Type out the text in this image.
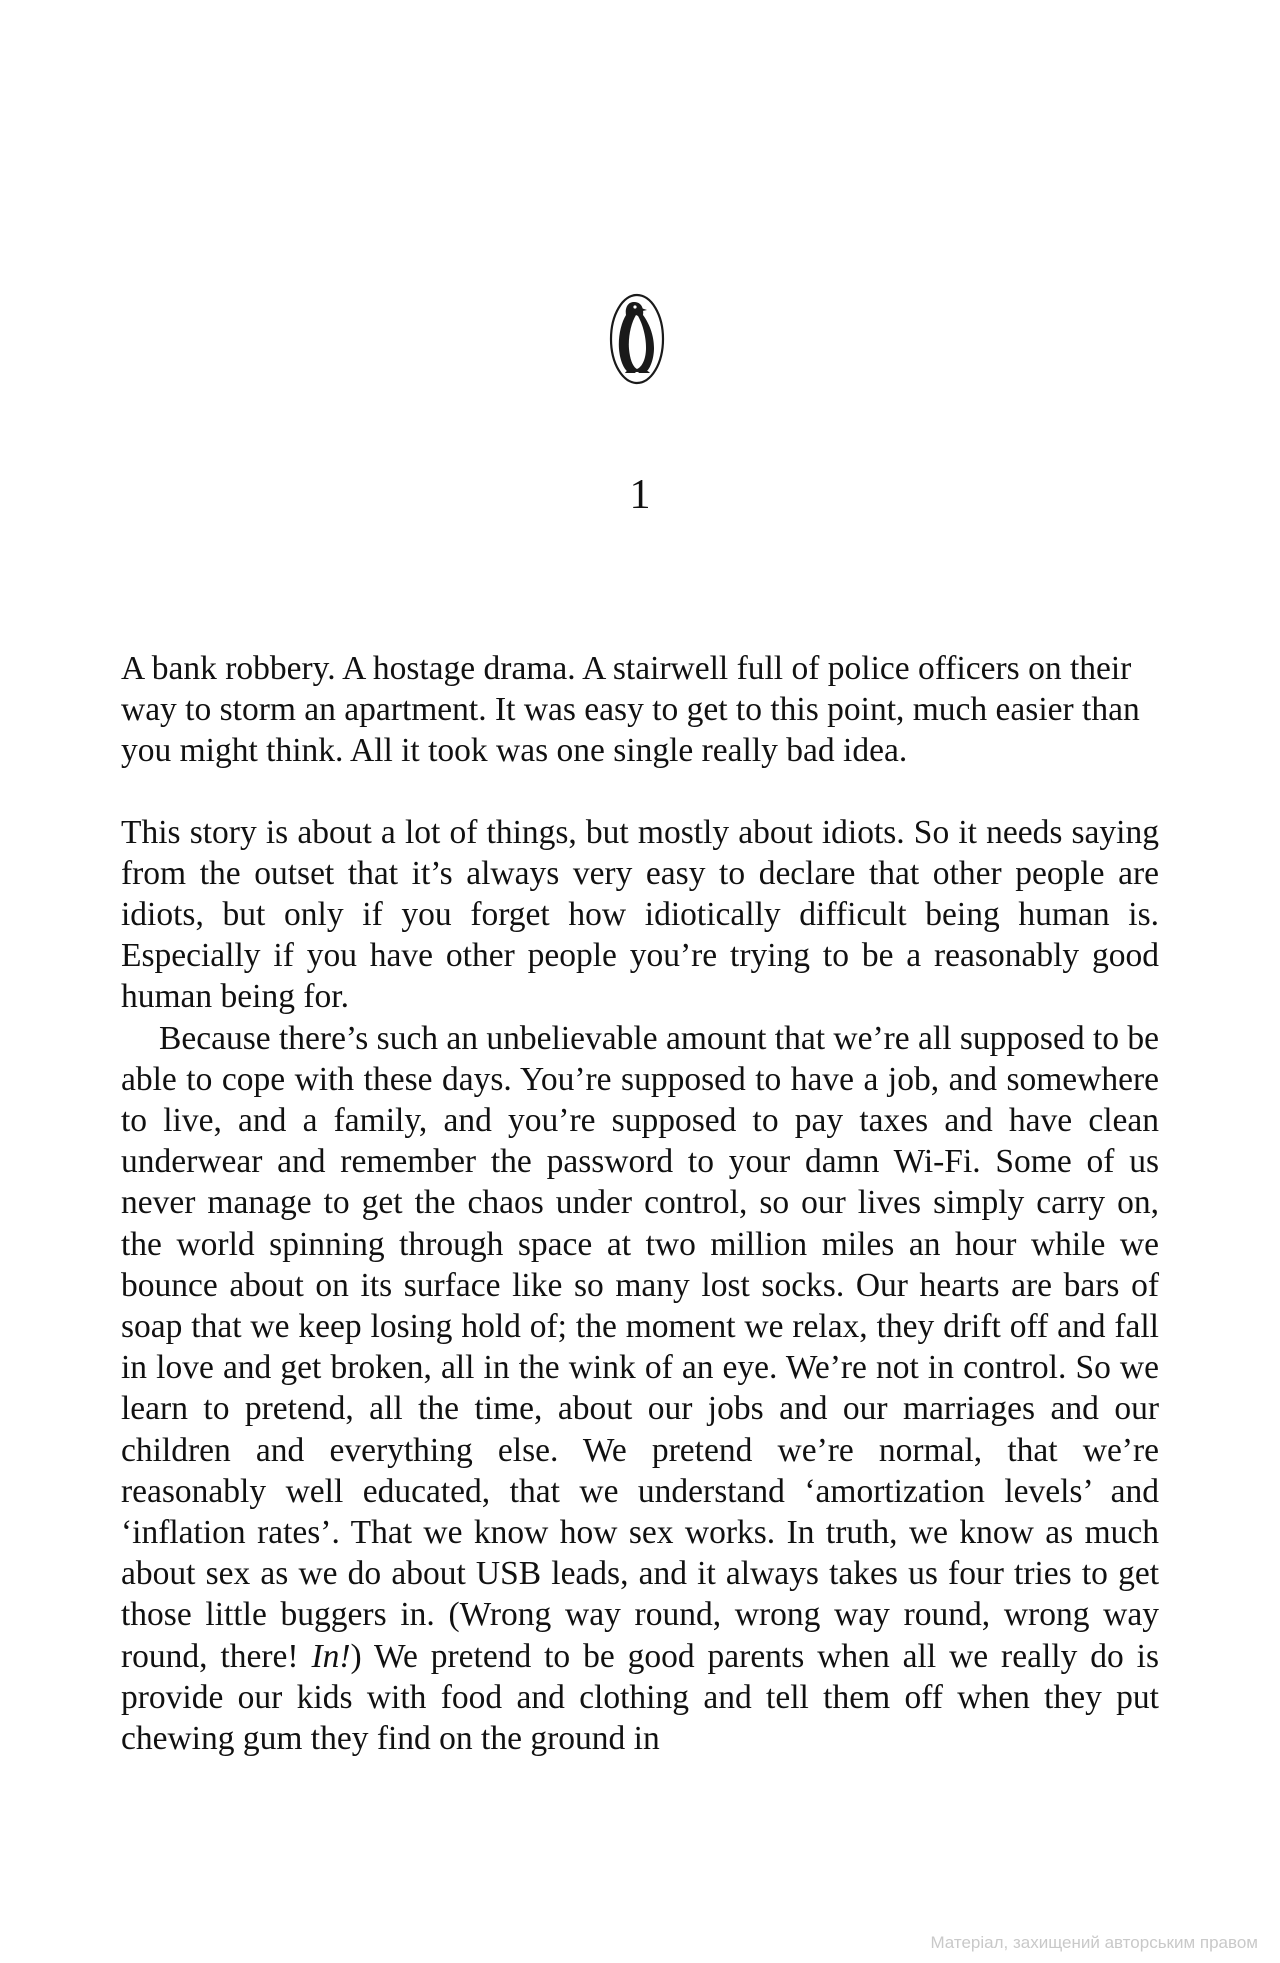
1

A bank robbery. A hostage drama. A stairwell full of police officers on their way to storm an apartment. It was easy to get to this point, much easier than you might think. All it took was one single really bad idea.

This story is about a lot of things, but mostly about idiots. So it needs saying from the outset that it’s always very easy to declare that other people are idiots, but only if you forget how idiotically difficult being human is. Especially if you have other people you’re trying to be a reasonably good human being for.

Because there’s such an unbelievable amount that we’re all supposed to be able to cope with these days. You’re supposed to have a job, and somewhere to live, and a family, and you’re supposed to pay taxes and have clean underwear and remember the password to your damn Wi-Fi. Some of us never manage to get the chaos under control, so our lives simply carry on, the world spinning through space at two million miles an hour while we bounce about on its surface like so many lost socks. Our hearts are bars of soap that we keep losing hold of; the moment we relax, they drift off and fall in love and get broken, all in the wink of an eye. We’re not in control. So we learn to pretend, all the time, about our jobs and our marriages and our children and everything else. We pretend we’re normal, that we’re reasonably well educated, that we understand ‘amortization levels’ and ‘inflation rates’. That we know how sex works. In truth, we know as much about sex as we do about USB leads, and it always takes us four tries to get those little buggers in. (Wrong way round, wrong way round, wrong way round, there! In!) We pretend to be good parents when all we really do is provide our kids with food and clothing and tell them off when they put chewing gum they find on the ground in

Матеріал, захищений авторським правом
